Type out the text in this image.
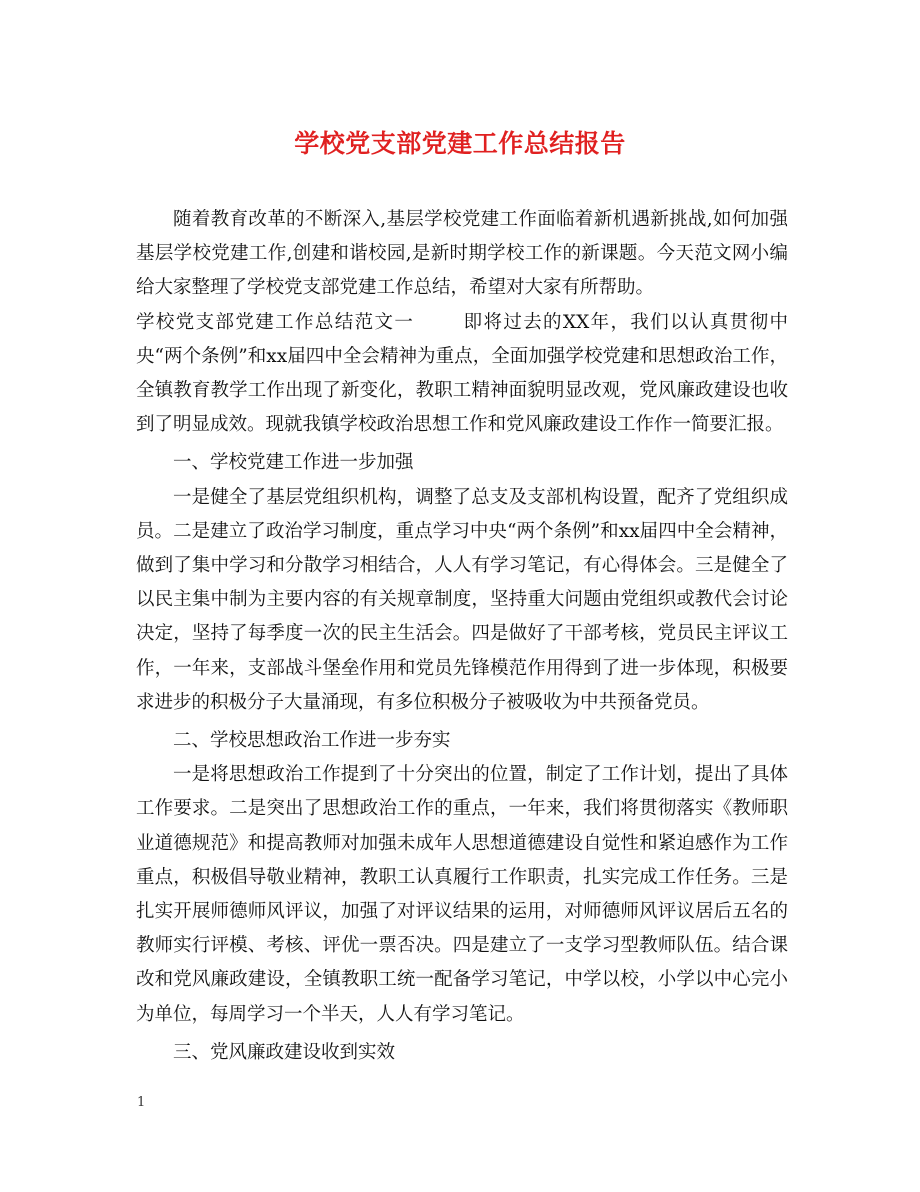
学校党支部党建工作总结报告

随着教育改革的不断深入,基层学校党建工作面临着新机遇新挑战,如何加强基层学校党建工作,创建和谐校园,是新时期学校工作的新课题。今天范文网小编给大家整理了学校党支部党建工作总结，希望对大家有所帮助。

学校党支部党建工作总结范文一	即将过去的XX年，我们以认真贯彻中央“两个条例”和xx届四中全会精神为重点，全面加强学校党建和思想政治工作，全镇教育教学工作出现了新变化，教职工精神面貌明显改观，党风廉政建设也收到了明显成效。现就我镇学校政治思想工作和党风廉政建设工作作一简要汇报。

一、学校党建工作进一步加强

一是健全了基层党组织机构，调整了总支及支部机构设置，配齐了党组织成员。二是建立了政治学习制度，重点学习中央“两个条例”和xx届四中全会精神，做到了集中学习和分散学习相结合，人人有学习笔记，有心得体会。三是健全了以民主集中制为主要内容的有关规章制度，坚持重大问题由党组织或教代会讨论决定，坚持了每季度一次的民主生活会。四是做好了干部考核，党员民主评议工作，一年来，支部战斗堡垒作用和党员先锋模范作用得到了进一步体现，积极要求进步的积极分子大量涌现，有多位积极分子被吸收为中共预备党员。

二、学校思想政治工作进一步夯实

一是将思想政治工作提到了十分突出的位置，制定了工作计划，提出了具体工作要求。二是突出了思想政治工作的重点，一年来，我们将贯彻落实《教师职业道德规范》和提高教师对加强未成年人思想道德建设自觉性和紧迫感作为工作重点，积极倡导敬业精神，教职工认真履行工作职责，扎实完成工作任务。三是扎实开展师德师风评议，加强了对评议结果的运用，对师德师风评议居后五名的教师实行评模、考核、评优一票否决。四是建立了一支学习型教师队伍。结合课改和党风廉政建设，全镇教职工统一配备学习笔记，中学以校，小学以中心完小为单位，每周学习一个半天，人人有学习笔记。

三、党风廉政建设收到实效

1
